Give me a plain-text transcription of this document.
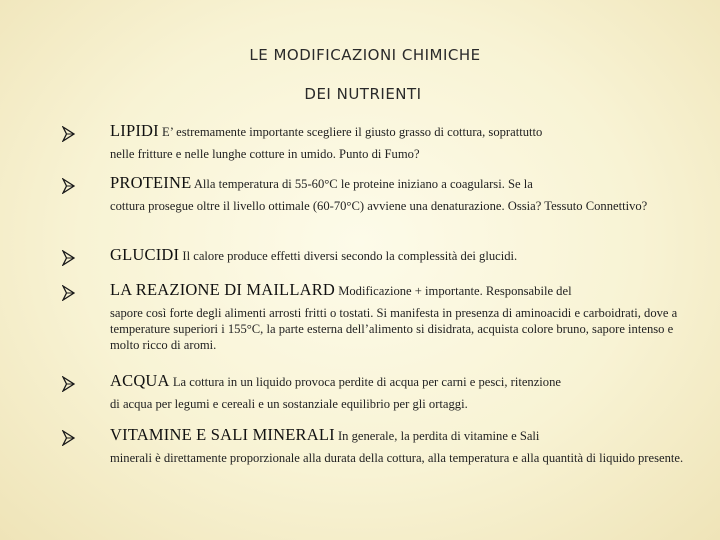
LE MODIFICAZIONI CHIMICHE
DEI NUTRIENTI
LIPIDI E’ estremamente importante scegliere il giusto grasso di cottura, soprattutto
nelle fritture e nelle lunghe cotture in umido. Punto di Fumo?
PROTEINE Alla temperatura di 55-60°C le proteine iniziano a coagularsi. Se la
cottura prosegue oltre il livello ottimale (60-70°C) avviene una denaturazione. Ossia? Tessuto Connettivo?
GLUCIDI Il calore produce effetti diversi secondo la complessità dei glucidi.
LA REAZIONE DI MAILLARD Modificazione + importante. Responsabile del
sapore così forte degli alimenti arrosti fritti o tostati. Si manifesta in presenza di aminoacidi e carboidrati, dove a temperature superiori i 155°C, la parte esterna dell’alimento si disidrata, acquista colore bruno, sapore intenso e molto ricco di aromi.
ACQUA La cottura in un liquido provoca perdite di acqua per carni e pesci, ritenzione
di acqua per legumi e cereali e un sostanziale equilibrio per gli ortaggi.
VITAMINE E SALI MINERALI In generale, la perdita di vitamine e Sali
minerali è direttamente proporzionale alla durata della cottura, alla temperatura e alla quantità di liquido presente.
